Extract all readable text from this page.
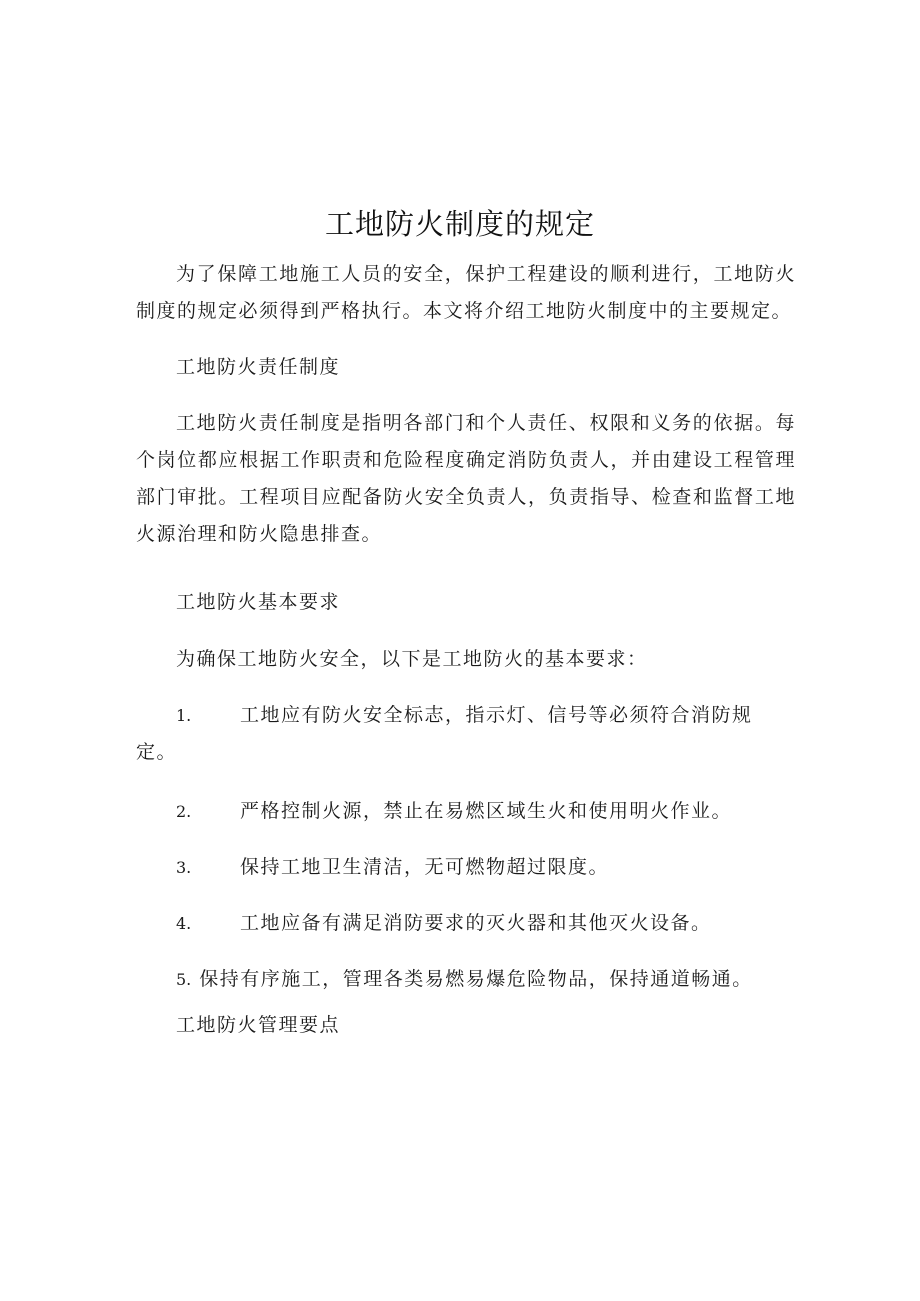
工地防火制度的规定

为了保障工地施工人员的安全，保护工程建设的顺利进行，工地防火制度的规定必须得到严格执行。本文将介绍工地防火制度中的主要规定。

工地防火责任制度

工地防火责任制度是指明各部门和个人责任、权限和义务的依据。每个岗位都应根据工作职责和危险程度确定消防负责人，并由建设工程管理部门审批。工程项目应配备防火安全负责人，负责指导、检查和监督工地火源治理和防火隐患排查。

工地防火基本要求

为确保工地防火安全，以下是工地防火的基本要求：

1.	工地应有防火安全标志，指示灯、信号等必须符合消防规定。
2.	严格控制火源，禁止在易燃区域生火和使用明火作业。
3.	保持工地卫生清洁，无可燃物超过限度。
4.	工地应备有满足消防要求的灭火器和其他灭火设备。
5. 保持有序施工，管理各类易燃易爆危险物品，保持通道畅通。

工地防火管理要点
